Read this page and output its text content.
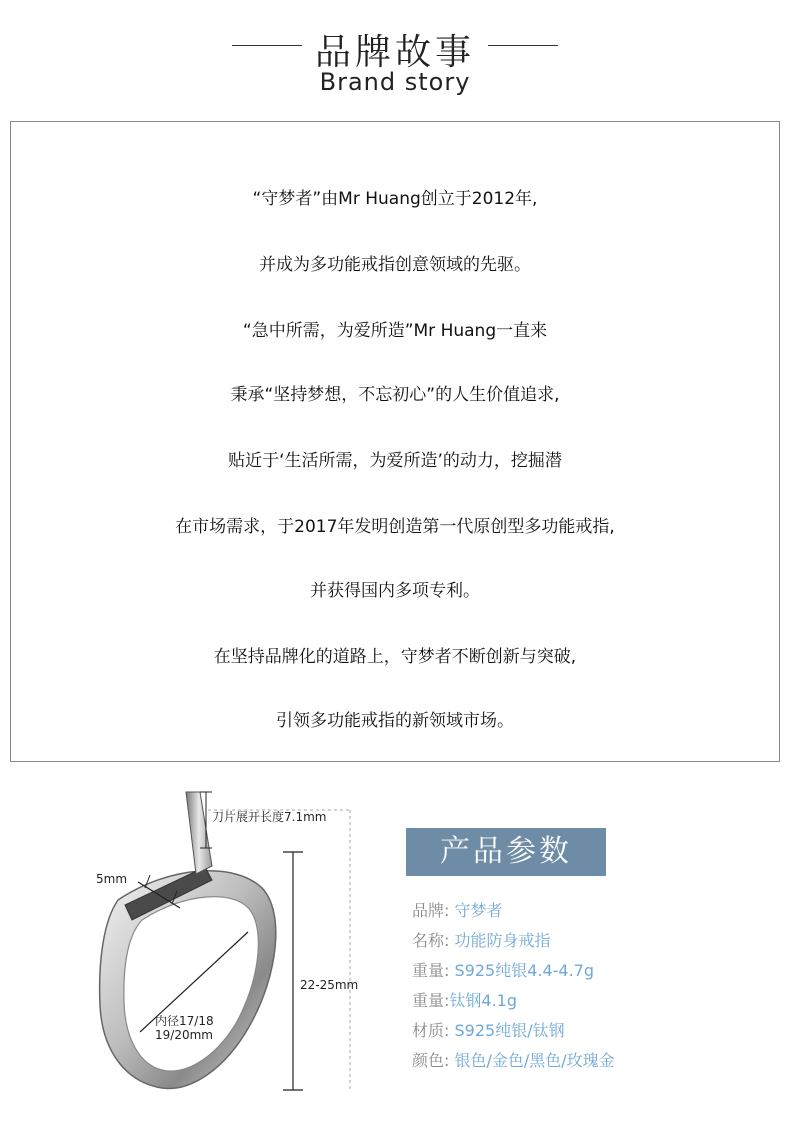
品牌故事
Brand story
“守梦者”由Mr Huang创立于2012年,
并成为多功能戒指创意领域的先驱。
“急中所需，为爱所造”Mr Huang一直来
秉承“坚持梦想，不忘初心”的人生价值追求,
贴近于‘生活所需，为爱所造’的动力，挖掘潜
在市场需求，于2017年发明创造第一代原创型多功能戒指,
并获得国内多项专利。
在坚持品牌化的道路上，守梦者不断创新与突破,
引领多功能戒指的新领域市场。
刀片展开长度7.1mm
5mm
22-25mm
内径17/18
19/20mm
产品参数
品牌: 守梦者
名称: 功能防身戒指
重量: S925纯银4.4-4.7g
重量:钛钢4.1g
材质: S925纯银/钛钢
颜色: 银色/金色/黑色/玫瑰金
